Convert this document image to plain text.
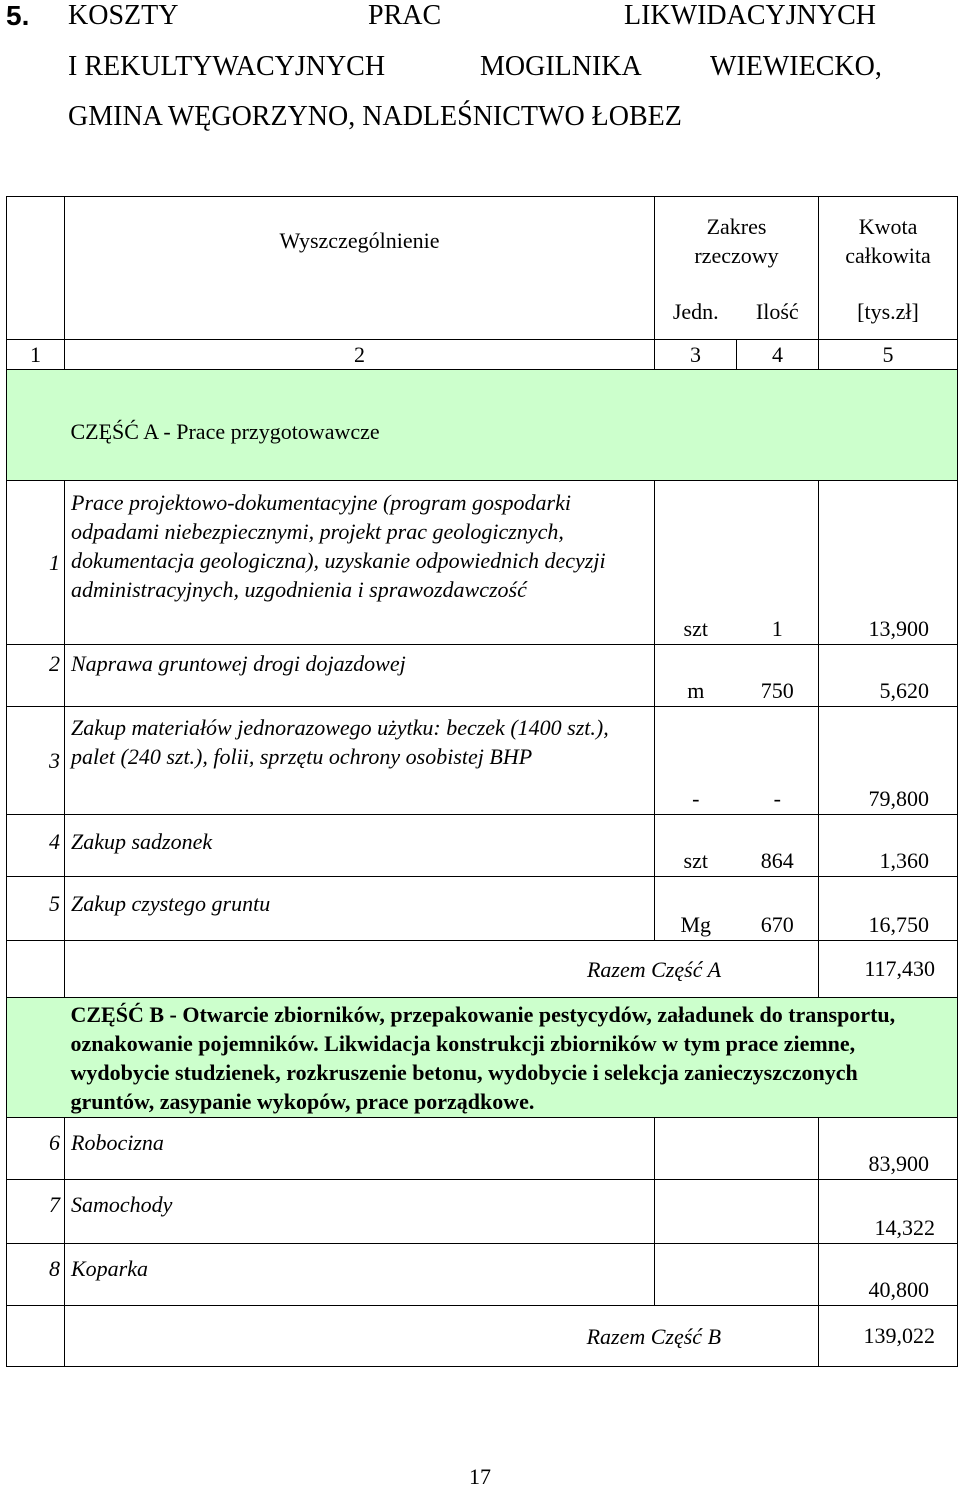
5. KOSZTY	PRAC	LIKWIDACYJNYCH
I REKULTYWACYJNYCH	MOGILNIKA WIEWIECKO,
GMINA WĘGORZYNO, NADLEŚNICTWO ŁOBEZ
	Wyszczególnienie	Zakres rzeczowy		Kwota całkowita
		Jedn.	Ilość	[tys.zł]
1	2	3	4	5
	CZĘŚĆ A - Prace przygotowawcze			
1	Prace projektowo-dokumentacyjne (program gospodarki odpadami niebezpiecznymi, projekt prac geologicznych, dokumentacja geologiczna), uzyskanie odpowiednich decyzji administracyjnych, uzgodnienia i sprawozdawczość	szt	1	13,900
2	Naprawa gruntowej drogi dojazdowej	m	750	5,620
3	Zakup materiałów jednorazowego użytku: beczek (1400 szt.), palet (240 szt.), folii, sprzętu ochrony osobistej BHP	-	-	79,800
4	Zakup sadzonek	szt	864	1,360
5	Zakup czystego gruntu	Mg	670	16,750
	Razem Część A			117,430
	CZĘŚĆ B - Otwarcie zbiorników, przepakowanie pestycydów, załadunek do transportu, oznakowanie pojemników. Likwidacja konstrukcji zbiorników w tym prace ziemne, wydobycie studzienek, rozkruszenie betonu, wydobycie i selekcja zanieczyszczonych gruntów, zasypanie wykopów, prace porządkowe.			
6	Robocizna			83,900
7	Samochody			14,322
8	Koparka			40,800
	Razem Część B			139,022
17
